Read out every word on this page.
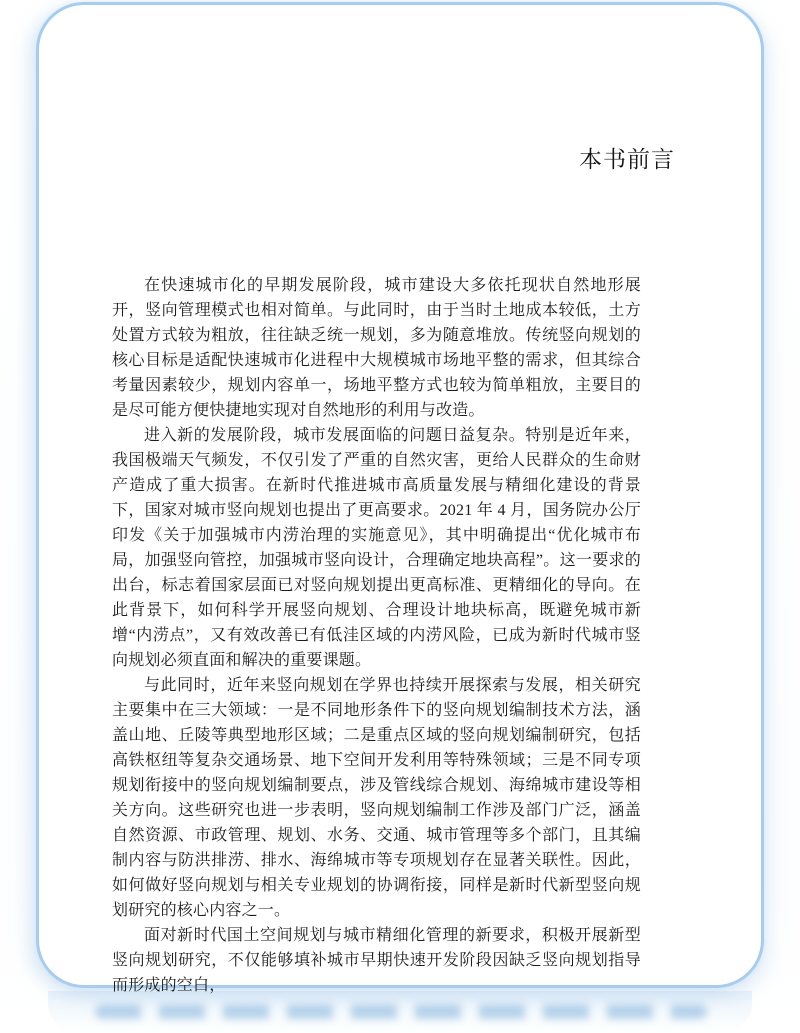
本书前言

在快速城市化的早期发展阶段，城市建设大多依托现状自然地形展开，竖向管理模式也相对简单。与此同时，由于当时土地成本较低，土方处置方式较为粗放，往往缺乏统一规划，多为随意堆放。传统竖向规划的核心目标是适配快速城市化进程中大规模城市场地平整的需求，但其综合考量因素较少，规划内容单一，场地平整方式也较为简单粗放，主要目的是尽可能方便快捷地实现对自然地形的利用与改造。

进入新的发展阶段，城市发展面临的问题日益复杂。特别是近年来，我国极端天气频发，不仅引发了严重的自然灾害，更给人民群众的生命财产造成了重大损害。在新时代推进城市高质量发展与精细化建设的背景下，国家对城市竖向规划也提出了更高要求。2021 年 4 月，国务院办公厅印发《关于加强城市内涝治理的实施意见》，其中明确提出“优化城市布局，加强竖向管控，加强城市竖向设计，合理确定地块高程”。这一要求的出台，标志着国家层面已对竖向规划提出更高标准、更精细化的导向。在此背景下，如何科学开展竖向规划、合理设计地块标高，既避免城市新增“内涝点”，又有效改善已有低洼区域的内涝风险，已成为新时代城市竖向规划必须直面和解决的重要课题。

与此同时，近年来竖向规划在学界也持续开展探索与发展，相关研究主要集中在三大领域：一是不同地形条件下的竖向规划编制技术方法，涵盖山地、丘陵等典型地形区域；二是重点区域的竖向规划编制研究，包括高铁枢纽等复杂交通场景、地下空间开发利用等特殊领域；三是不同专项规划衔接中的竖向规划编制要点，涉及管线综合规划、海绵城市建设等相关方向。这些研究也进一步表明，竖向规划编制工作涉及部门广泛，涵盖自然资源、市政管理、规划、水务、交通、城市管理等多个部门，且其编制内容与防洪排涝、排水、海绵城市等专项规划存在显著关联性。因此，如何做好竖向规划与相关专业规划的协调衔接，同样是新时代新型竖向规划研究的核心内容之一。

面对新时代国土空间规划与城市精细化管理的新要求，积极开展新型竖向规划研究，不仅能够填补城市早期快速开发阶段因缺乏竖向规划指导而形成的空白，
